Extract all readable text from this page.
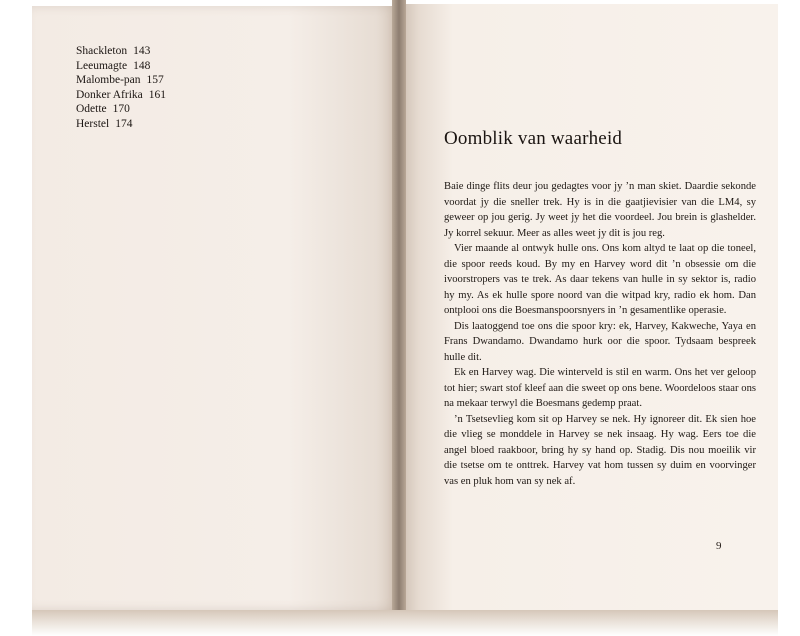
Shackleton 143
Leeumagte 148
Malombe-pan 157
Donker Afrika 161
Odette 170
Herstel 174
Oomblik van waarheid

Baie dinge flits deur jou gedagtes voor jy ’n man skiet. Daardie sekonde voordat jy die sneller trek. Hy is in die gaatjievisier van die LM4, sy geweer op jou gerig. Jy weet jy het die voordeel. Jou brein is glashelder. Jy korrel sekuur. Meer as alles weet jy dit is jou reg.

Vier maande al ontwyk hulle ons. Ons kom altyd te laat op die toneel, die spoor reeds koud. By my en Harvey word dit ’n obsessie om die ivoorstropers vas te trek. As daar tekens van hulle in sy sektor is, radio hy my. As ek hulle spore noord van die witpad kry, radio ek hom. Dan ontplooi ons die Boesmanspoorsnyers in ’n gesamentlike operasie.

Dis laatoggend toe ons die spoor kry: ek, Harvey, Kakweche, Yaya en Frans Dwandamo. Dwandamo hurk oor die spoor. Tydsaam bespreek hulle dit.

Ek en Harvey wag. Die winterveld is stil en warm. Ons het ver geloop tot hier; swart stof kleef aan die sweet op ons bene. Woordeloos staar ons na mekaar terwyl die Boesmans gedemp praat.

’n Tsetsevlieg kom sit op Harvey se nek. Hy ignoreer dit. Ek sien hoe die vlieg se monddele in Harvey se nek insaag. Hy wag. Eers toe die angel bloed raakboor, bring hy sy hand op. Stadig. Dis nou moeilik vir die tsetse om te onttrek. Harvey vat hom tussen sy duim en voorvinger vas en pluk hom van sy nek af.

9
